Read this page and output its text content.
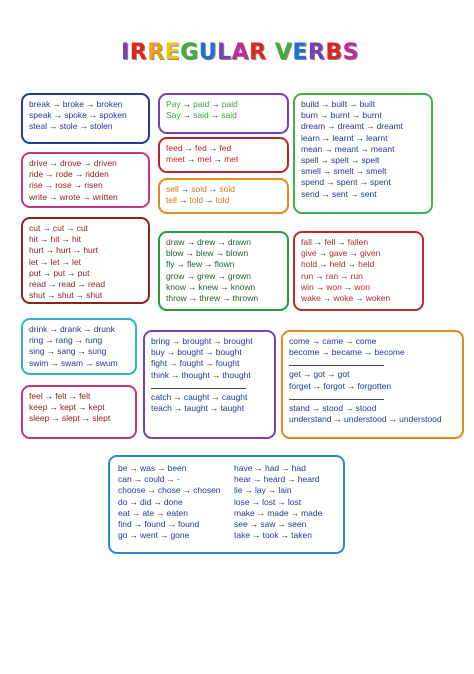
IRREGULAR VERBS
break → broke → broken
speak → spoke → spoken
steal → stole → stolen
Pay → paid → paid
Say → said → said
build → built → built
burn → burnt → burnt
dream → dreamt → dreamt
learn → learnt → learnt
mean → meant → meant
spell → spelt → spelt
smell → smelt → smelt
spend → spent → spent
send → sent → sent
drive → drove → driven
ride → rode → ridden
rise → rose → risen
write → wrote → written
feed → fed → fed
meet → met → met
sell → sold → sold
tell → told → told
cut → cut → cut
hit → hit → hit
hurt → hurt → hurt
let → let → let
put → put → put
read → read → read
shut → shut → shut
draw → drew → drawn
blow → blew → blown
fly → flew → flown
grow → grew → grown
know → knew → known
throw → threw → thrown
fall → fell → fallen
give → gave → given
hold → held → held
run → ran → run
win → won → won
wake → woke → woken
drink → drank → drunk
ring → rang → rung
sing → sang → sung
swim → swam → swum
bring → brought → brought
buy → bought → bought
fight → fought → fought
think → thought → thought
catch → caught → caught
teach → taught → taught
come → came → come
become → became → become
get → got → got
forget → forgot → forgotten
stand → stood → stood
understand → understood → understood
feel → felt → felt
keep → kept → kept
sleep → slept → slept
be → was → been
can → could → -
choose → chose → chosen
do → did → done
eat → ate → eaten
find → found → found
go → went → gone
have → had → had
hear → heard → heard
lie → lay → lain
lose → lost → lost
make → made → made
see → saw → seen
take → took → taken
